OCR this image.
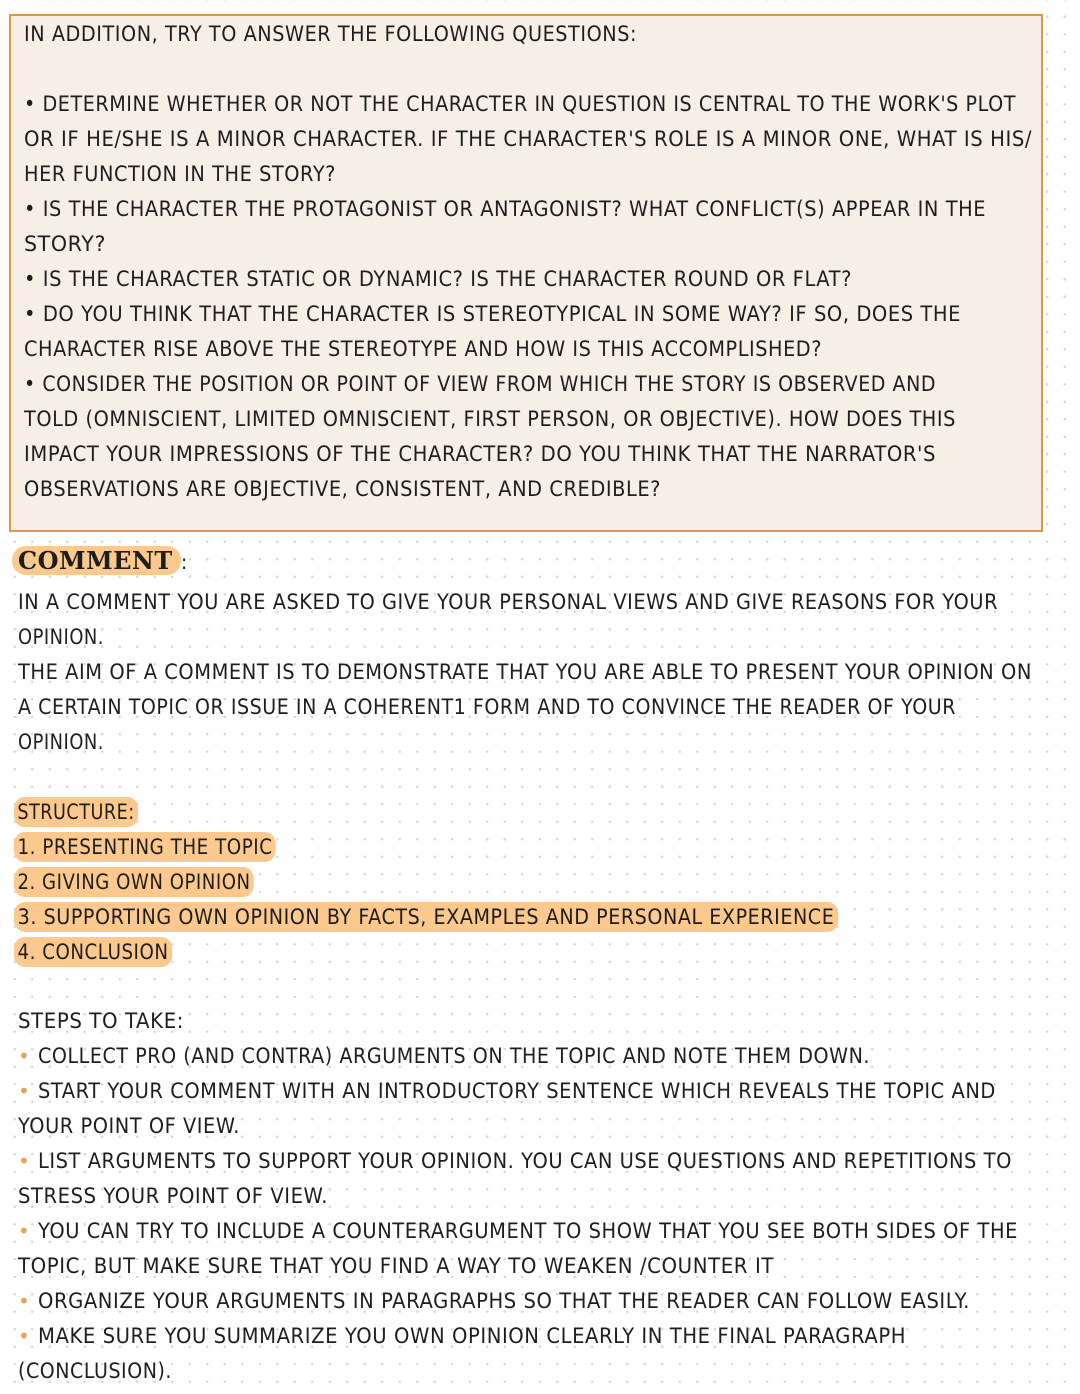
IN ADDITION, TRY TO ANSWER THE FOLLOWING QUESTIONS:
• DETERMINE WHETHER OR NOT THE CHARACTER IN QUESTION IS CENTRAL TO THE WORK'S PLOT
OR IF HE/SHE IS A MINOR CHARACTER. IF THE CHARACTER'S ROLE IS A MINOR ONE, WHAT IS HIS/
HER FUNCTION IN THE STORY?
• IS THE CHARACTER THE PROTAGONIST OR ANTAGONIST? WHAT CONFLICT(S) APPEAR IN THE
STORY?
• IS THE CHARACTER STATIC OR DYNAMIC? IS THE CHARACTER ROUND OR FLAT?
• DO YOU THINK THAT THE CHARACTER IS STEREOTYPICAL IN SOME WAY? IF SO, DOES THE
CHARACTER RISE ABOVE THE STEREOTYPE AND HOW IS THIS ACCOMPLISHED?
• CONSIDER THE POSITION OR POINT OF VIEW FROM WHICH THE STORY IS OBSERVED AND
TOLD (OMNISCIENT, LIMITED OMNISCIENT, FIRST PERSON, OR OBJECTIVE). HOW DOES THIS
IMPACT YOUR IMPRESSIONS OF THE CHARACTER? DO YOU THINK THAT THE NARRATOR'S
OBSERVATIONS ARE OBJECTIVE, CONSISTENT, AND CREDIBLE?
COMMENT :
IN A COMMENT YOU ARE ASKED TO GIVE YOUR PERSONAL VIEWS AND GIVE REASONS FOR YOUR
OPINION.
THE AIM OF A COMMENT IS TO DEMONSTRATE THAT YOU ARE ABLE TO PRESENT YOUR OPINION ON
A CERTAIN TOPIC OR ISSUE IN A COHERENT1 FORM AND TO CONVINCE THE READER OF YOUR
OPINION.
STRUCTURE:
1. PRESENTING THE TOPIC
2. GIVING OWN OPINION
3. SUPPORTING OWN OPINION BY FACTS, EXAMPLES AND PERSONAL EXPERIENCE
4. CONCLUSION
STEPS TO TAKE:
• COLLECT PRO (AND CONTRA) ARGUMENTS ON THE TOPIC AND NOTE THEM DOWN.
• START YOUR COMMENT WITH AN INTRODUCTORY SENTENCE WHICH REVEALS THE TOPIC AND
YOUR POINT OF VIEW.
• LIST ARGUMENTS TO SUPPORT YOUR OPINION. YOU CAN USE QUESTIONS AND REPETITIONS TO
STRESS YOUR POINT OF VIEW.
• YOU CAN TRY TO INCLUDE A COUNTERARGUMENT TO SHOW THAT YOU SEE BOTH SIDES OF THE
TOPIC, BUT MAKE SURE THAT YOU FIND A WAY TO WEAKEN /COUNTER IT
• ORGANIZE YOUR ARGUMENTS IN PARAGRAPHS SO THAT THE READER CAN FOLLOW EASILY.
• MAKE SURE YOU SUMMARIZE YOU OWN OPINION CLEARLY IN THE FINAL PARAGRAPH
(CONCLUSION).
